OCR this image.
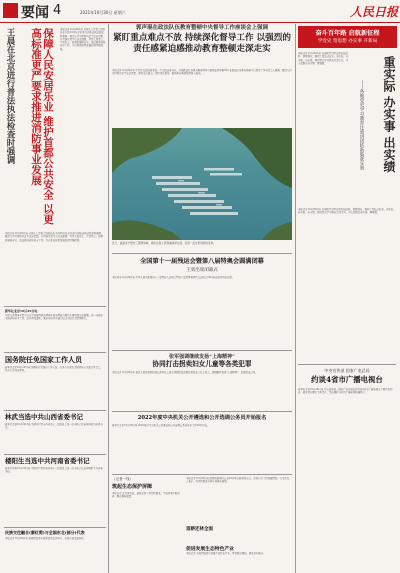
要闻 4	2021年10月30日 星期六	人民日报
王晨在北京进行普法执法检查时强调	保障人民安居乐业 维护首都公共安全 以更高标准更严要求推进消防事业发展	本报北京10月29日电 全国人大常委会副委员长王晨29日在北京进行消防法执法检查时强调，要深入学习贯彻习近平法治思想，认真落实党中央决策部署，坚持人民至上、生命至上，统筹发展和安全，依法推进消防安全工作，为首都高质量发展提供坚强保障。
本报北京10月29日电 全国人大常委会副委员长王晨29日在北京进行消防法执法检查时强调，要深入学习贯彻习近平法治思想，认真落实党中央决策部署，坚持人民至上、生命至上，统筹发展和安全，依法推进消防安全工作，为首都高质量发展提供坚强保障。
新华社北京10月29日电
为深入贯彻落实党中央关于加强基层治理体系和治理能力现代化建设的决策部署，进一步做好全国消防安全工作，近日印发通知，要求各地区各部门结合实际认真贯彻执行。
国务院任免国家工作人员
新华社北京10月29日电 国务院任免国家工作人员。任命有关同志为国务院有关部门负责人，免去有关同志职务。
林武当选中共山西省委书记
新华社太原10月29日电 中国共产党山西省第十二届委员会第一次全体会议选举林武为省委书记。
楼阳生当选中共河南省委书记
新华社郑州10月29日电 中国共产党河南省第十一届委员会第一次全体会议选举楼阳生为省委书记。
民族交往融合(秦红剪)与全国东北(部分)代表
本报北京10月29日电 民族团结进步表彰活动在京举行，各地代表交流经验。
郭声琨在政法队伍教育整顿中央督导工作座谈会上强调
紧盯重点难点不放 持续深化督导工作 以强烈的责任感紧迫感推动教育整顿走深走实
本报北京10月29日电 中共中央政治局委员、中央政法委书记、全国政法队伍教育整顿领导小组组长郭声琨29日在政法队伍教育整顿中央督导工作座谈会上强调，要深入学习贯彻习近平法治思想，紧盯重点难点，持续深化督导，推动教育整顿取得更大成效。
近日，福建省宁德市三都澳海域，渔民在海上养殖渔排间忙碌，呈现一派生机勃勃的景象。
全国第十一届残运会暨第八届特奥会圆满闭幕
王勇出席闭幕式
本报西安10月29日电 中华人民共和国第十一届残疾人运动会暨第八届特殊奥林匹克运动会29日晚在陕西西安闭幕。
张军强调继续发扬“上海精神”
协同打击拐卖妇女儿童等各类犯罪
本报北京10月29日电 最高人民检察院检察长张军在上海合作组织成员国总检察长会议上发言，强调继续发扬“上海精神”，加强司法合作。
2022年度中央机关公开遴选和公开选调公务员开始报名
新华社北京10月29日电 2022年度中央机关公开遴选和公开选调公务员报名工作29日开始。
（记者一线）
筑起生态保护屏障
本报记者 在甘肃各地，退耕还林工程持续推进，生态环境不断改善，群众增收致富。
退耕还林全面
本报北京10月29日电 国务院新闻办公室29日举行新闻发布会，介绍有关工作进展情况。有关负责人表示，将持续推进各项任务落实落细。
促进发展生态特色产业
本报记者 各地因地制宜发展生态特色产业，带动群众增收，推动乡村振兴。
奋斗百年路 启航新征程
学党史 悟思想 办实事 开新局
本报北京10月29日电 各地把学习党史同总结经验、观照现实、推动工作结合起来，重实际、办实事、出实绩，推动党史学习教育走深走实，为人民群众办实事、解难题。	重实际 办实事 出实绩
——各地党史学习教育注重讲团结新鼓获实效
本报北京10月29日电 各地把学习党史同总结经验、观照现实、推动工作结合起来，重实际、办实事、出实绩，推动党史学习教育走深走实，为人民群众办实事、解难题。
中央宣传部 国家广电总局
约谈4省市广播电视台
新华社北京10月29日电 中央宣传部、国家广电总局近日约谈4省市广播电视台主要负责同志，要求切实履行主体责任，坚决维护良好的广播电视传播秩序。
